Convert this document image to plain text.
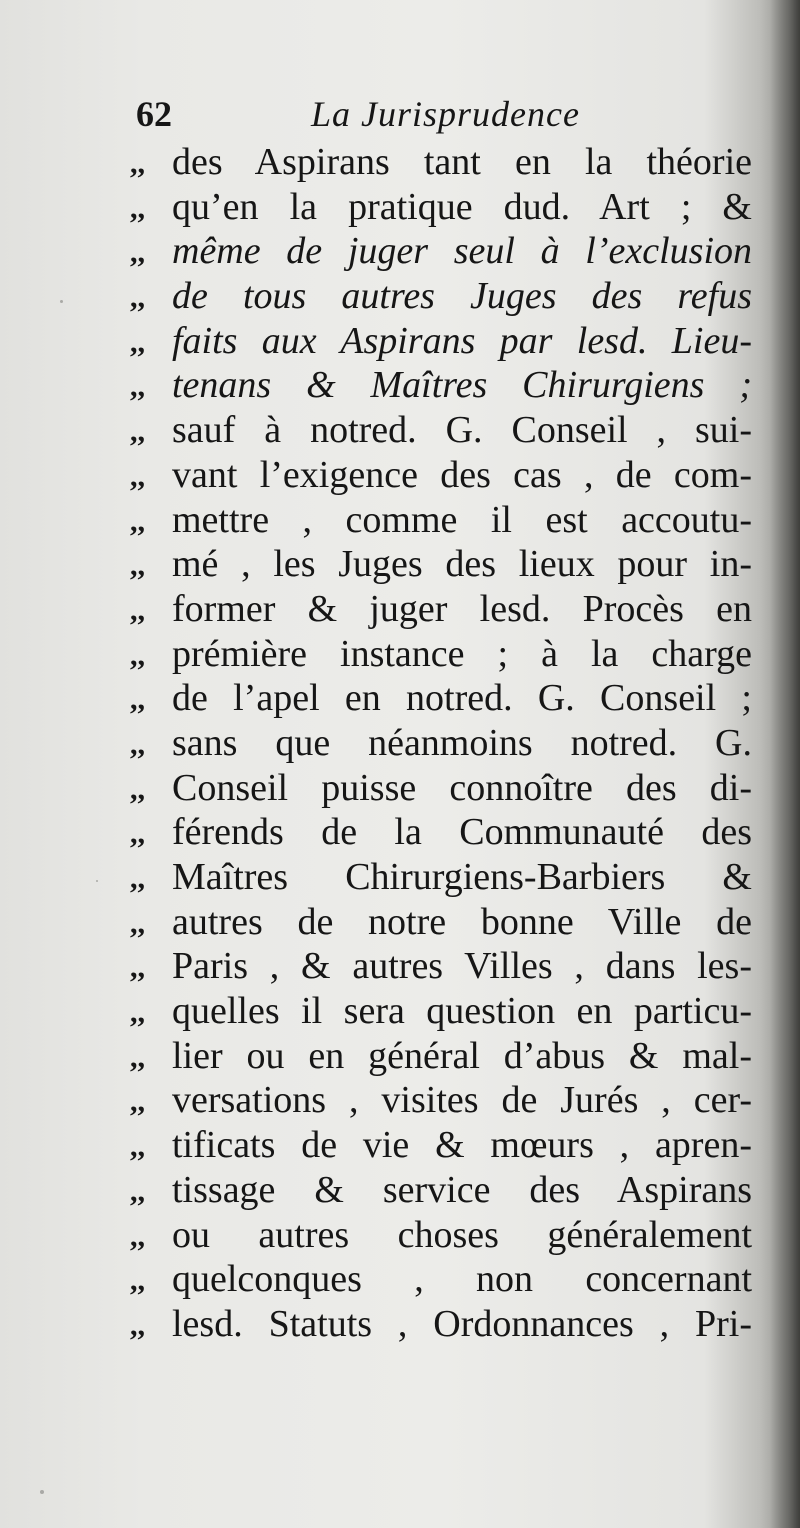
62	La Jurisprudence
,, des Aspirans tant en la théorie
,, qu’en la pratique dud. Art ; &
,, même de juger seul à l’exclusion
,, de tous autres Juges des refus
,, faits aux Aspirans par lesd. Lieu-
,, tenans & Maîtres Chirurgiens ;
,, sauf à notred. G. Conseil , sui-
,, vant l’exigence des cas , de com-
,, mettre , comme il est accoutu-
,, mé , les Juges des lieux pour in-
,, former & juger lesd. Procès en
,, prémière instance ; à la charge
,, de l’apel en notred. G. Conseil ;
,, sans que néanmoins notred. G.
,, Conseil puisse connoître des di-
,, férends de la Communauté des
,, Maîtres Chirurgiens-Barbiers &
,, autres de notre bonne Ville de
,, Paris , & autres Villes , dans les-
,, quelles il sera question en particu-
,, lier ou en général d’abus & mal-
,, versations , visites de Jurés , cer-
,, tificats de vie & mœurs , apren-
,, tissage & service des Aspirans
,, ou autres choses généralement
,, quelconques , non concernant
,, lesd. Statuts , Ordonnances , Pri-
